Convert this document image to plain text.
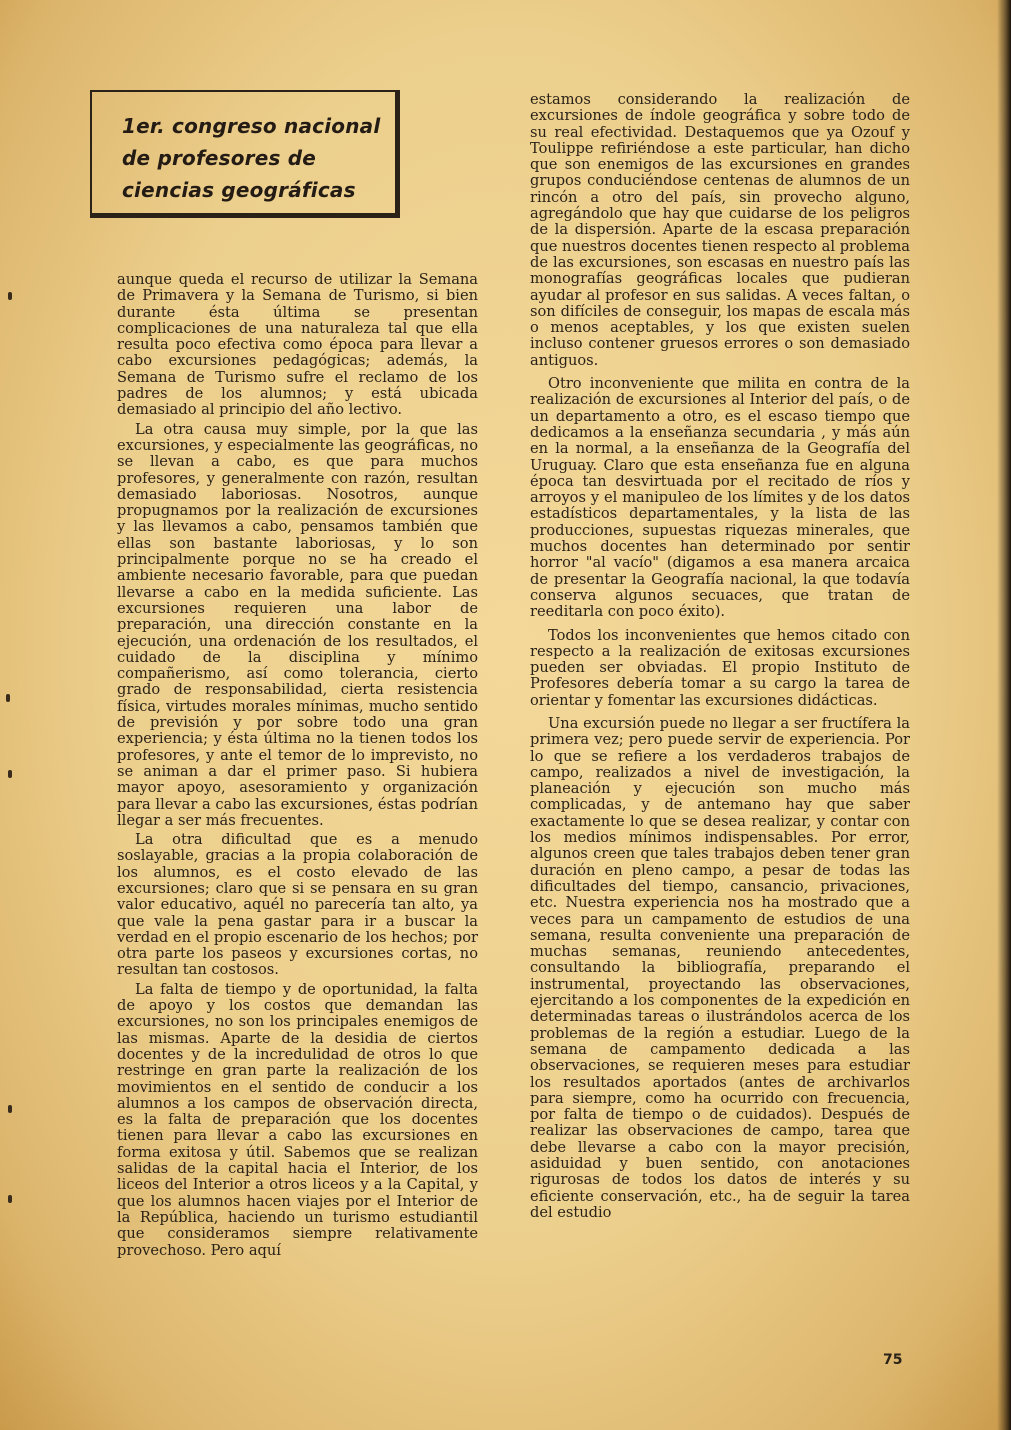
1er. congreso nacional
de profesores de
ciencias geográficas

aunque queda el recurso de utilizar la Semana de Primavera y la Semana de Turismo, si bien durante ésta última se presentan complicaciones de una naturaleza tal que ella resulta poco efectiva como época para llevar a cabo excursiones pedagógicas; además, la Semana de Turismo sufre el reclamo de los padres de los alumnos; y está ubicada demasiado al principio del año lectivo.

La otra causa muy simple, por la que las excursiones, y especialmente las geográficas, no se llevan a cabo, es que para muchos profesores, y generalmente con razón, resultan demasiado laboriosas. Nosotros, aunque propugnamos por la realización de excursiones y las llevamos a cabo, pensamos también que ellas son bastante laboriosas, y lo son principalmente porque no se ha creado el ambiente necesario favorable, para que puedan llevarse a cabo en la medida suficiente. Las excursiones requieren una labor de preparación, una dirección constante en la ejecución, una ordenación de los resultados, el cuidado de la disciplina y mínimo compañerismo, así como tolerancia, cierto grado de responsabilidad, cierta resistencia física, virtudes morales mínimas, mucho sentido de previsión y por sobre todo una gran experiencia; y ésta última no la tienen todos los profesores, y ante el temor de lo imprevisto, no se animan a dar el primer paso. Si hubiera mayor apoyo, asesoramiento y organización para llevar a cabo las excursiones, éstas podrían llegar a ser más frecuentes.

La otra dificultad que es a menudo soslayable, gracias a la propia colaboración de los alumnos, es el costo elevado de las excursiones; claro que si se pensara en su gran valor educativo, aquél no parecería tan alto, ya que vale la pena gastar para ir a buscar la verdad en el propio escenario de los hechos; por otra parte los paseos y excursiones cortas, no resultan tan costosos.

La falta de tiempo y de oportunidad, la falta de apoyo y los costos que demandan las excursiones, no son los principales enemigos de las mismas. Aparte de la desidia de ciertos docentes y de la incredulidad de otros lo que restringe en gran parte la realización de los movimientos en el sentido de conducir a los alumnos a los campos de observación directa, es la falta de preparación que los docentes tienen para llevar a cabo las excursiones en forma exitosa y útil. Sabemos que se realizan salidas de la capital hacia el Interior, de los liceos del Interior a otros liceos y a la Capital, y que los alumnos hacen viajes por el Interior de la República, haciendo un turismo estudiantil que consideramos siempre relativamente provechoso. Pero aquí

estamos considerando la realización de excursiones de índole geográfica y sobre todo de su real efectividad. Destaquemos que ya Ozouf y Toulippe refiriéndose a este particular, han dicho que son enemigos de las excursiones en grandes grupos conduciéndose centenas de alumnos de un rincón a otro del país, sin provecho alguno, agregándolo que hay que cuidarse de los peligros de la dispersión. Aparte de la escasa preparación que nuestros docentes tienen respecto al problema de las excursiones, son escasas en nuestro país las monografías geográficas locales que pudieran ayudar al profesor en sus salidas. A veces faltan, o son difíciles de conseguir, los mapas de escala más o menos aceptables, y los que existen suelen incluso contener gruesos errores o son demasiado antiguos.

Otro inconveniente que milita en contra de la realización de excursiones al Interior del país, o de un departamento a otro, es el escaso tiempo que dedicamos a la enseñanza secundaria , y más aún en la normal, a la enseñanza de la Geografía del Uruguay. Claro que esta enseñanza fue en alguna época tan desvirtuada por el recitado de ríos y arroyos y el manipuleo de los límites y de los datos estadísticos departamentales, y la lista de las producciones, supuestas riquezas minerales, que muchos docentes han determinado por sentir horror "al vacío" (digamos a esa manera arcaica de presentar la Geografía nacional, la que todavía conserva algunos secuaces, que tratan de reeditarla con poco éxito).

Todos los inconvenientes que hemos citado con respecto a la realización de exitosas excursiones pueden ser obviadas. El propio Instituto de Profesores debería tomar a su cargo la tarea de orientar y fomentar las excursiones didácticas.

Una excursión puede no llegar a ser fructífera la primera vez; pero puede servir de experiencia. Por lo que se refiere a los verdaderos trabajos de campo, realizados a nivel de investigación, la planeación y ejecución son mucho más complicadas, y de antemano hay que saber exactamente lo que se desea realizar, y contar con los medios mínimos indispensables. Por error, algunos creen que tales trabajos deben tener gran duración en pleno campo, a pesar de todas las dificultades del tiempo, cansancio, privaciones, etc. Nuestra experiencia nos ha mostrado que a veces para un campamento de estudios de una semana, resulta conveniente una preparación de muchas semanas, reuniendo antecedentes, consultando la bibliografía, preparando el instrumental, proyectando las observaciones, ejercitando a los componentes de la expedición en determinadas tareas o ilustrándolos acerca de los problemas de la región a estudiar. Luego de la semana de campamento dedicada a las observaciones, se requieren meses para estudiar los resultados aportados (antes de archivarlos para siempre, como ha ocurrido con frecuencia, por falta de tiempo o de cuidados). Después de realizar las observaciones de campo, tarea que debe llevarse a cabo con la mayor precisión, asiduidad y buen sentido, con anotaciones rigurosas de todos los datos de interés y su eficiente conservación, etc., ha de seguir la tarea del estudio

75
